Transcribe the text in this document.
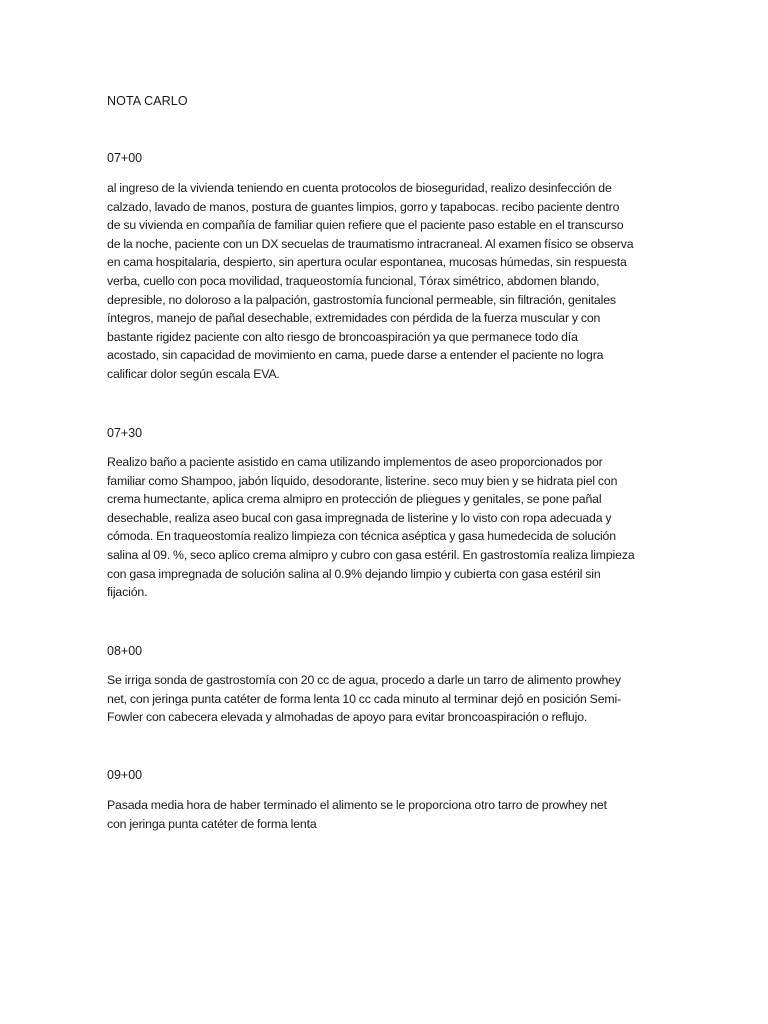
NOTA CARLO
07+00

al ingreso de la vivienda teniendo en cuenta protocolos de bioseguridad, realizo desinfección de
calzado, lavado de manos, postura de guantes limpios, gorro y tapabocas. recibo paciente dentro
de su vivienda en compañía de familiar quien refiere que el paciente paso estable en el transcurso
de la noche, paciente con un DX secuelas de traumatismo intracraneal. Al examen físico se observa
en cama hospitalaria, despierto, sin apertura ocular espontanea, mucosas húmedas, sin respuesta
verba, cuello con poca movilidad, traqueostomía funcional, Tórax simétrico, abdomen blando,
depresible, no doloroso a la palpación, gastrostomía funcional permeable, sin filtración, genitales
íntegros, manejo de pañal desechable, extremidades con pérdida de la fuerza muscular y con
bastante rigidez paciente con alto riesgo de broncoaspiración ya que permanece todo día
acostado, sin capacidad de movimiento en cama, puede darse a entender el paciente no logra
calificar dolor según escala EVA.

07+30

Realizo baño a paciente asistido en cama utilizando implementos de aseo proporcionados por
familiar como Shampoo, jabón líquido, desodorante, listerine. seco muy bien y se hidrata piel con
crema humectante, aplica crema almipro en protección de pliegues y genitales, se pone pañal
desechable, realiza aseo bucal con gasa impregnada de listerine y lo visto con ropa adecuada y
cómoda. En traqueostomía realizo limpieza con técnica aséptica y gasa humedecida de solución
salina al 09. %, seco aplico crema almipro y cubro con gasa estéril. En gastrostomía realiza limpieza
con gasa impregnada de solución salina al 0.9% dejando limpio y cubierta con gasa estéril sin
fijación.

08+00

Se irriga sonda de gastrostomía con 20 cc de agua, procedo a darle un tarro de alimento prowhey
net, con jeringa punta catéter de forma lenta 10 cc cada minuto al terminar dejó en posición Semi-
Fowler con cabecera elevada y almohadas de apoyo para evitar broncoaspiración o reflujo.

09+00

Pasada media hora de haber terminado el alimento se le proporciona otro tarro de prowhey net
con jeringa punta catéter de forma lenta
